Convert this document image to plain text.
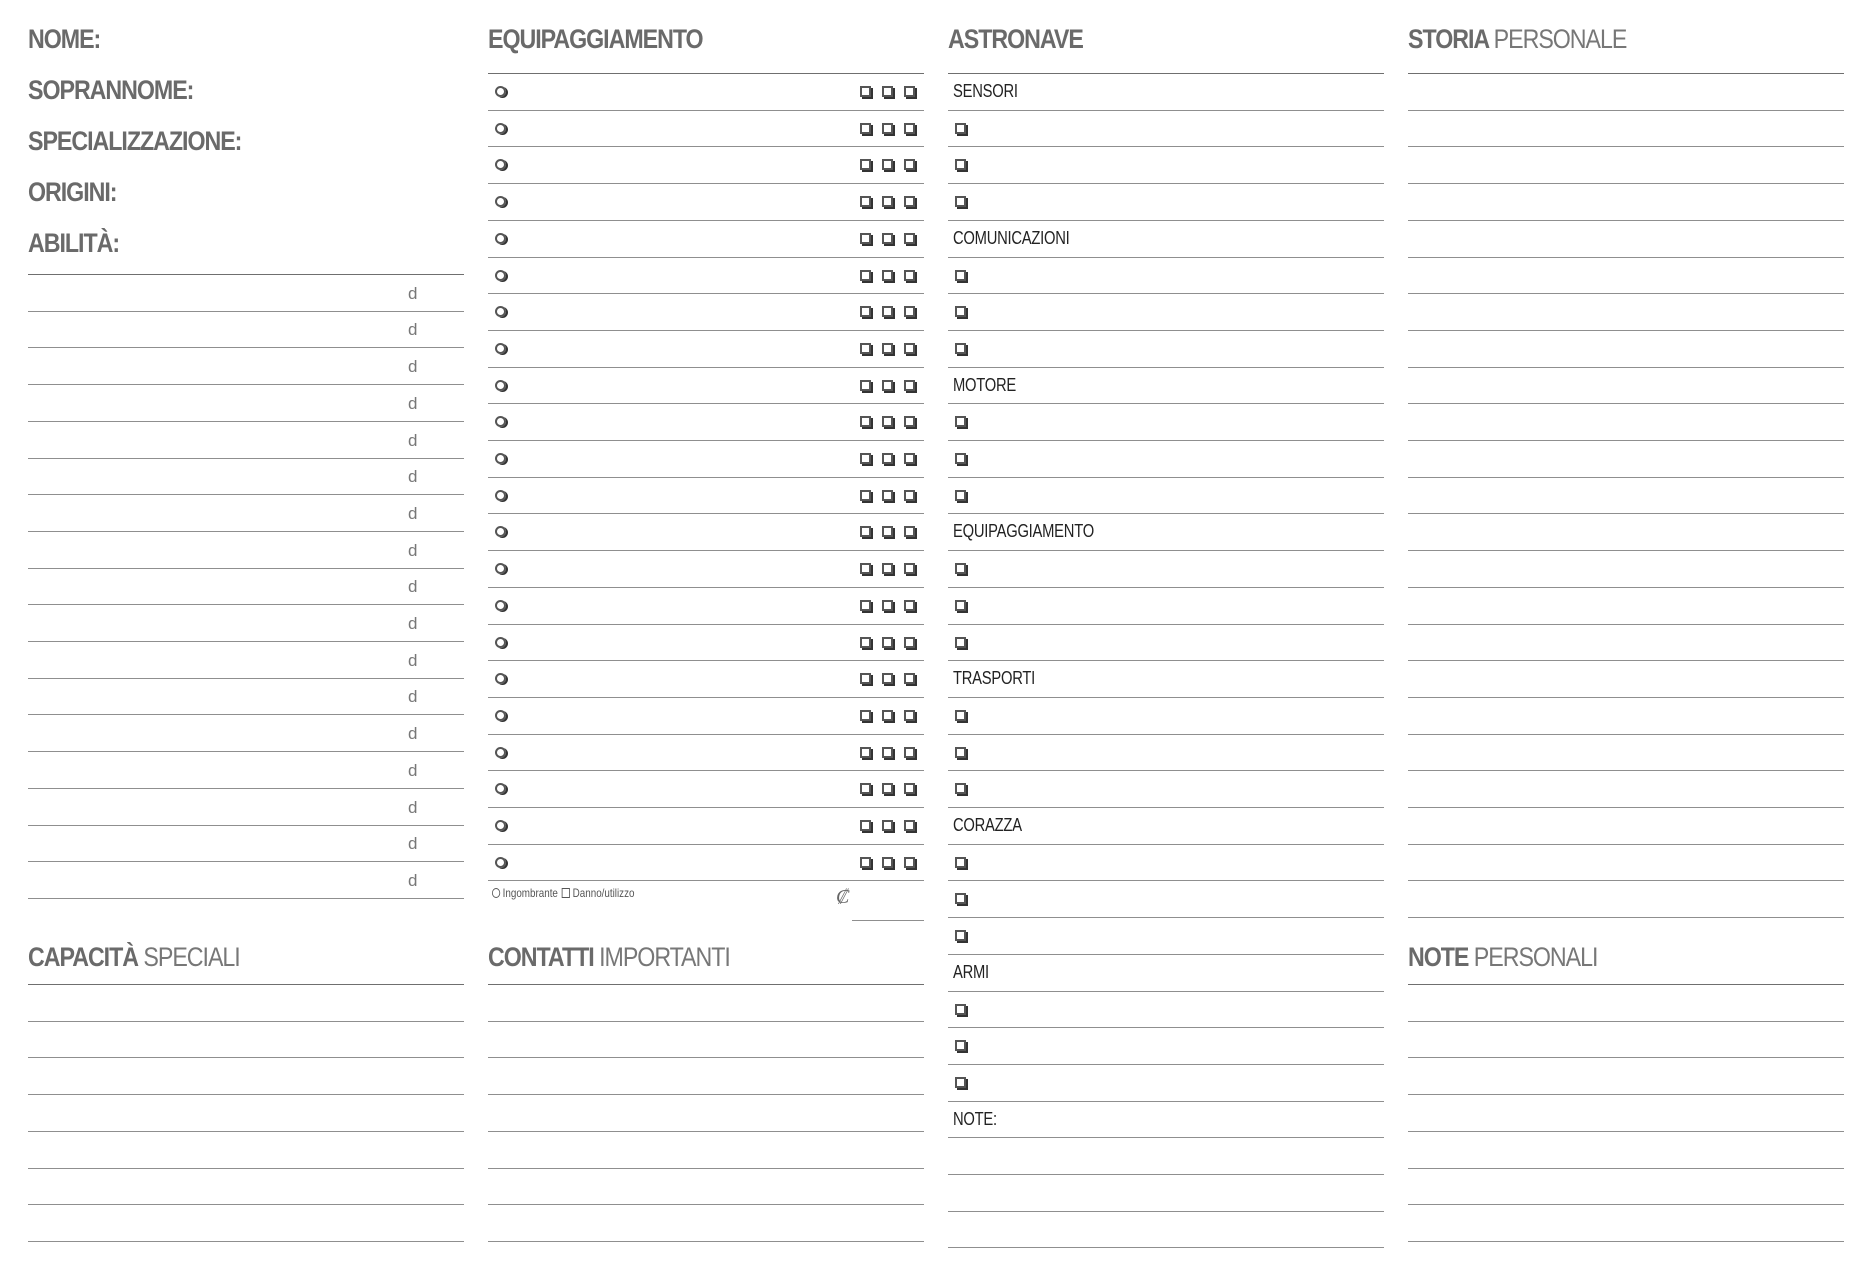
NOME:
SOPRANNOME:
SPECIALIZZAZIONE:
ORIGINI:
ABILITÀ:
d
d
d
d
d
d
d
d
d
d
d
d
d
d
d
d
d
CAPACITÀ SPECIALI
EQUIPAGGIAMENTO
Ingombrante Danno/utilizzo	₡
CONTATTI IMPORTANTI
ASTRONAVE
SENSORI
COMUNICAZIONI
MOTORE
EQUIPAGGIAMENTO
TRASPORTI
CORAZZA
ARMI
NOTE:
STORIA PERSONALE
NOTE PERSONALI
